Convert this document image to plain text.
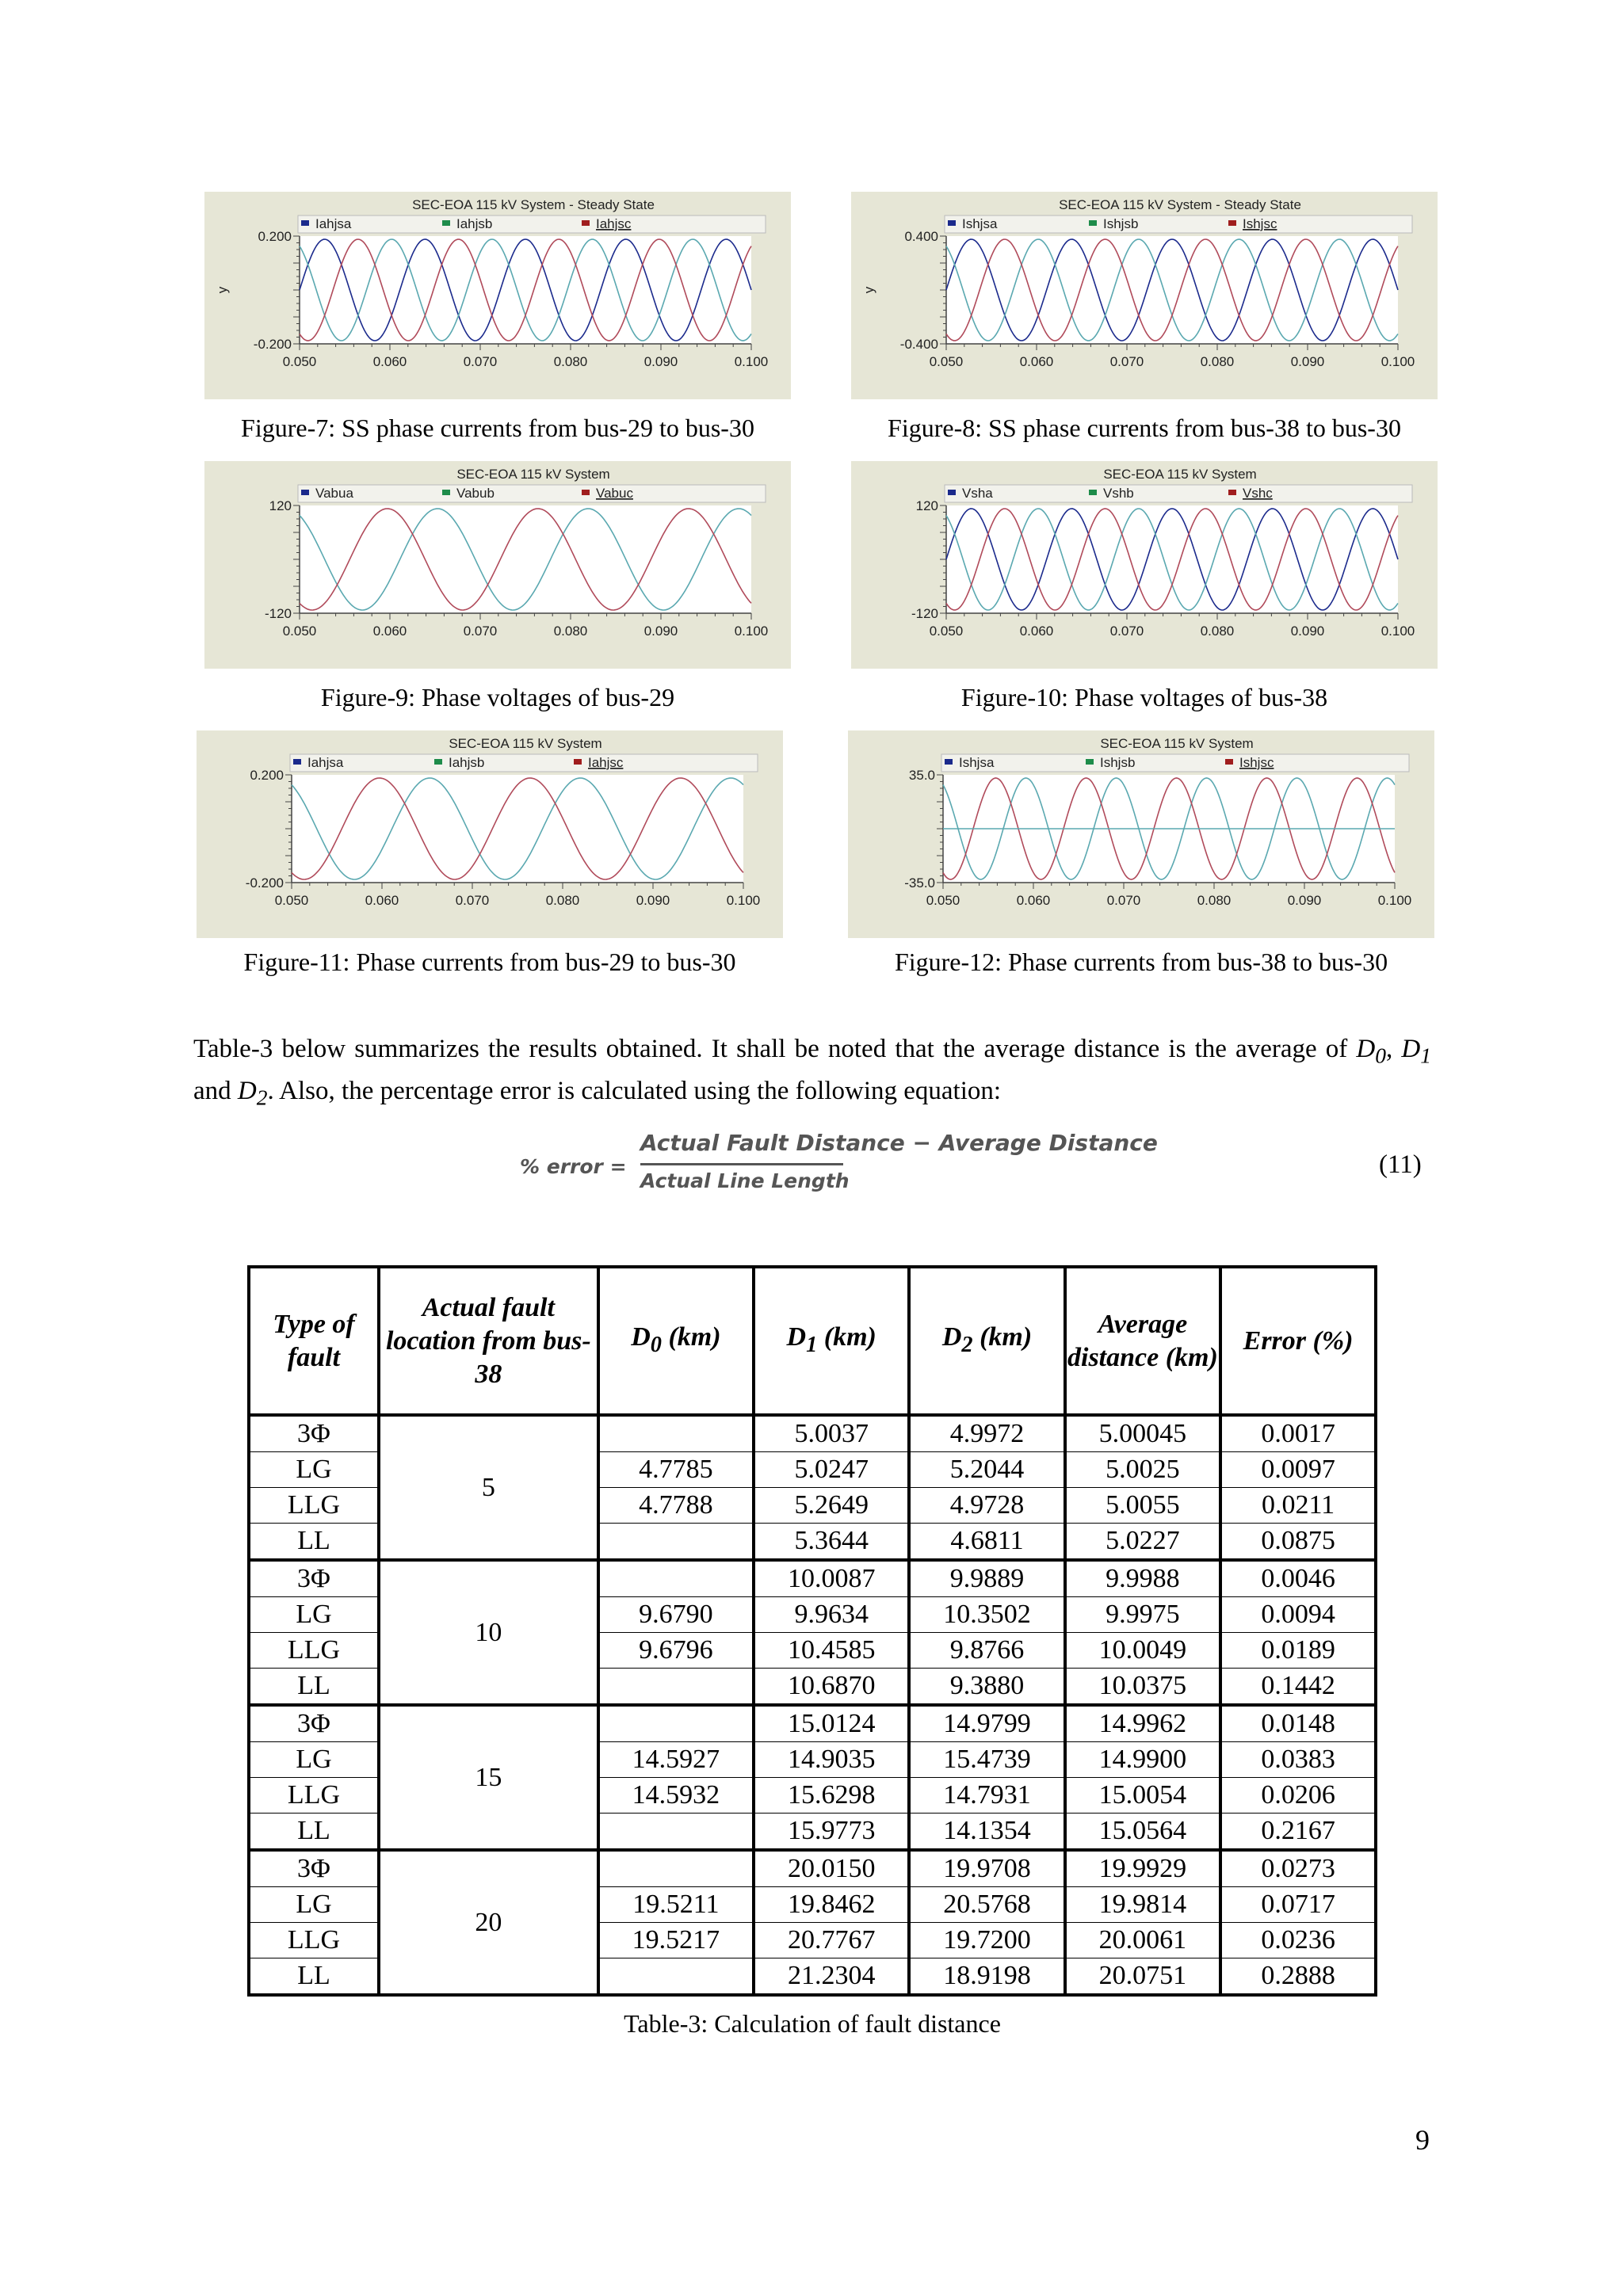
SEC-EOA 115 kV System - Steady State
Iahjsa	Iahjsb	Iahjsc
0.200
-0.200
y
0.050	0.060	0.070	0.080	0.090	0.100
Figure-7: SS phase currents from bus-29 to bus-30
SEC-EOA 115 kV System - Steady State
Ishjsa	Ishjsb	Ishjsc
0.400
-0.400
y
0.050	0.060	0.070	0.080	0.090	0.100
Figure-8: SS phase currents from bus-38 to bus-30
SEC-EOA 115 kV System
Vabua	Vabub	Vabuc
120
-120
0.050	0.060	0.070	0.080	0.090	0.100
Figure-9: Phase voltages of bus-29
SEC-EOA 115 kV System
Vsha	Vshb	Vshc
120
-120
0.050	0.060	0.070	0.080	0.090	0.100
Figure-10: Phase voltages of bus-38
SEC-EOA 115 kV System
Iahjsa	Iahjsb	Iahjsc
0.200
-0.200
0.050	0.060	0.070	0.080	0.090	0.100
Figure-11: Phase currents from bus-29 to bus-30
SEC-EOA 115 kV System
Ishjsa	Ishjsb	Ishjsc
35.0
-35.0
0.050	0.060	0.070	0.080	0.090	0.100
Figure-12: Phase currents from bus-38 to bus-30
Table-3 below summarizes the results obtained. It shall be noted that the average distance is the average of $D_0$, $D_1$ and $D_2$. Also, the percentage error is calculated using the following equation:
% error =
Actual Fault Distance − Average Distance
Actual Line Length
(11)
Type of fault	Actual fault location from bus-38	$D_0$ (km)	$D_1$ (km)	$D_2$ (km)	Average distance (km)	Error (%)
3Φ	5		5.0037	4.9972	5.00045	0.0017
LG		4.7785	5.0247	5.2044	5.0025	0.0097
LLG		4.7788	5.2649	4.9728	5.0055	0.0211
LL			5.3644	4.6811	5.0227	0.0875
3Φ	10		10.0087	9.9889	9.9988	0.0046
LG		9.6790	9.9634	10.3502	9.9975	0.0094
LLG		9.6796	10.4585	9.8766	10.0049	0.0189
LL			10.6870	9.3880	10.0375	0.1442
3Φ	15		15.0124	14.9799	14.9962	0.0148
LG		14.5927	14.9035	15.4739	14.9900	0.0383
LLG		14.5932	15.6298	14.7931	15.0054	0.0206
LL			15.9773	14.1354	15.0564	0.2167
3Φ	20		20.0150	19.9708	19.9929	0.0273
LG		19.5211	19.8462	20.5768	19.9814	0.0717
LLG		19.5217	20.7767	19.7200	20.0061	0.0236
LL			21.2304	18.9198	20.0751	0.2888
Table-3: Calculation of fault distance
9
